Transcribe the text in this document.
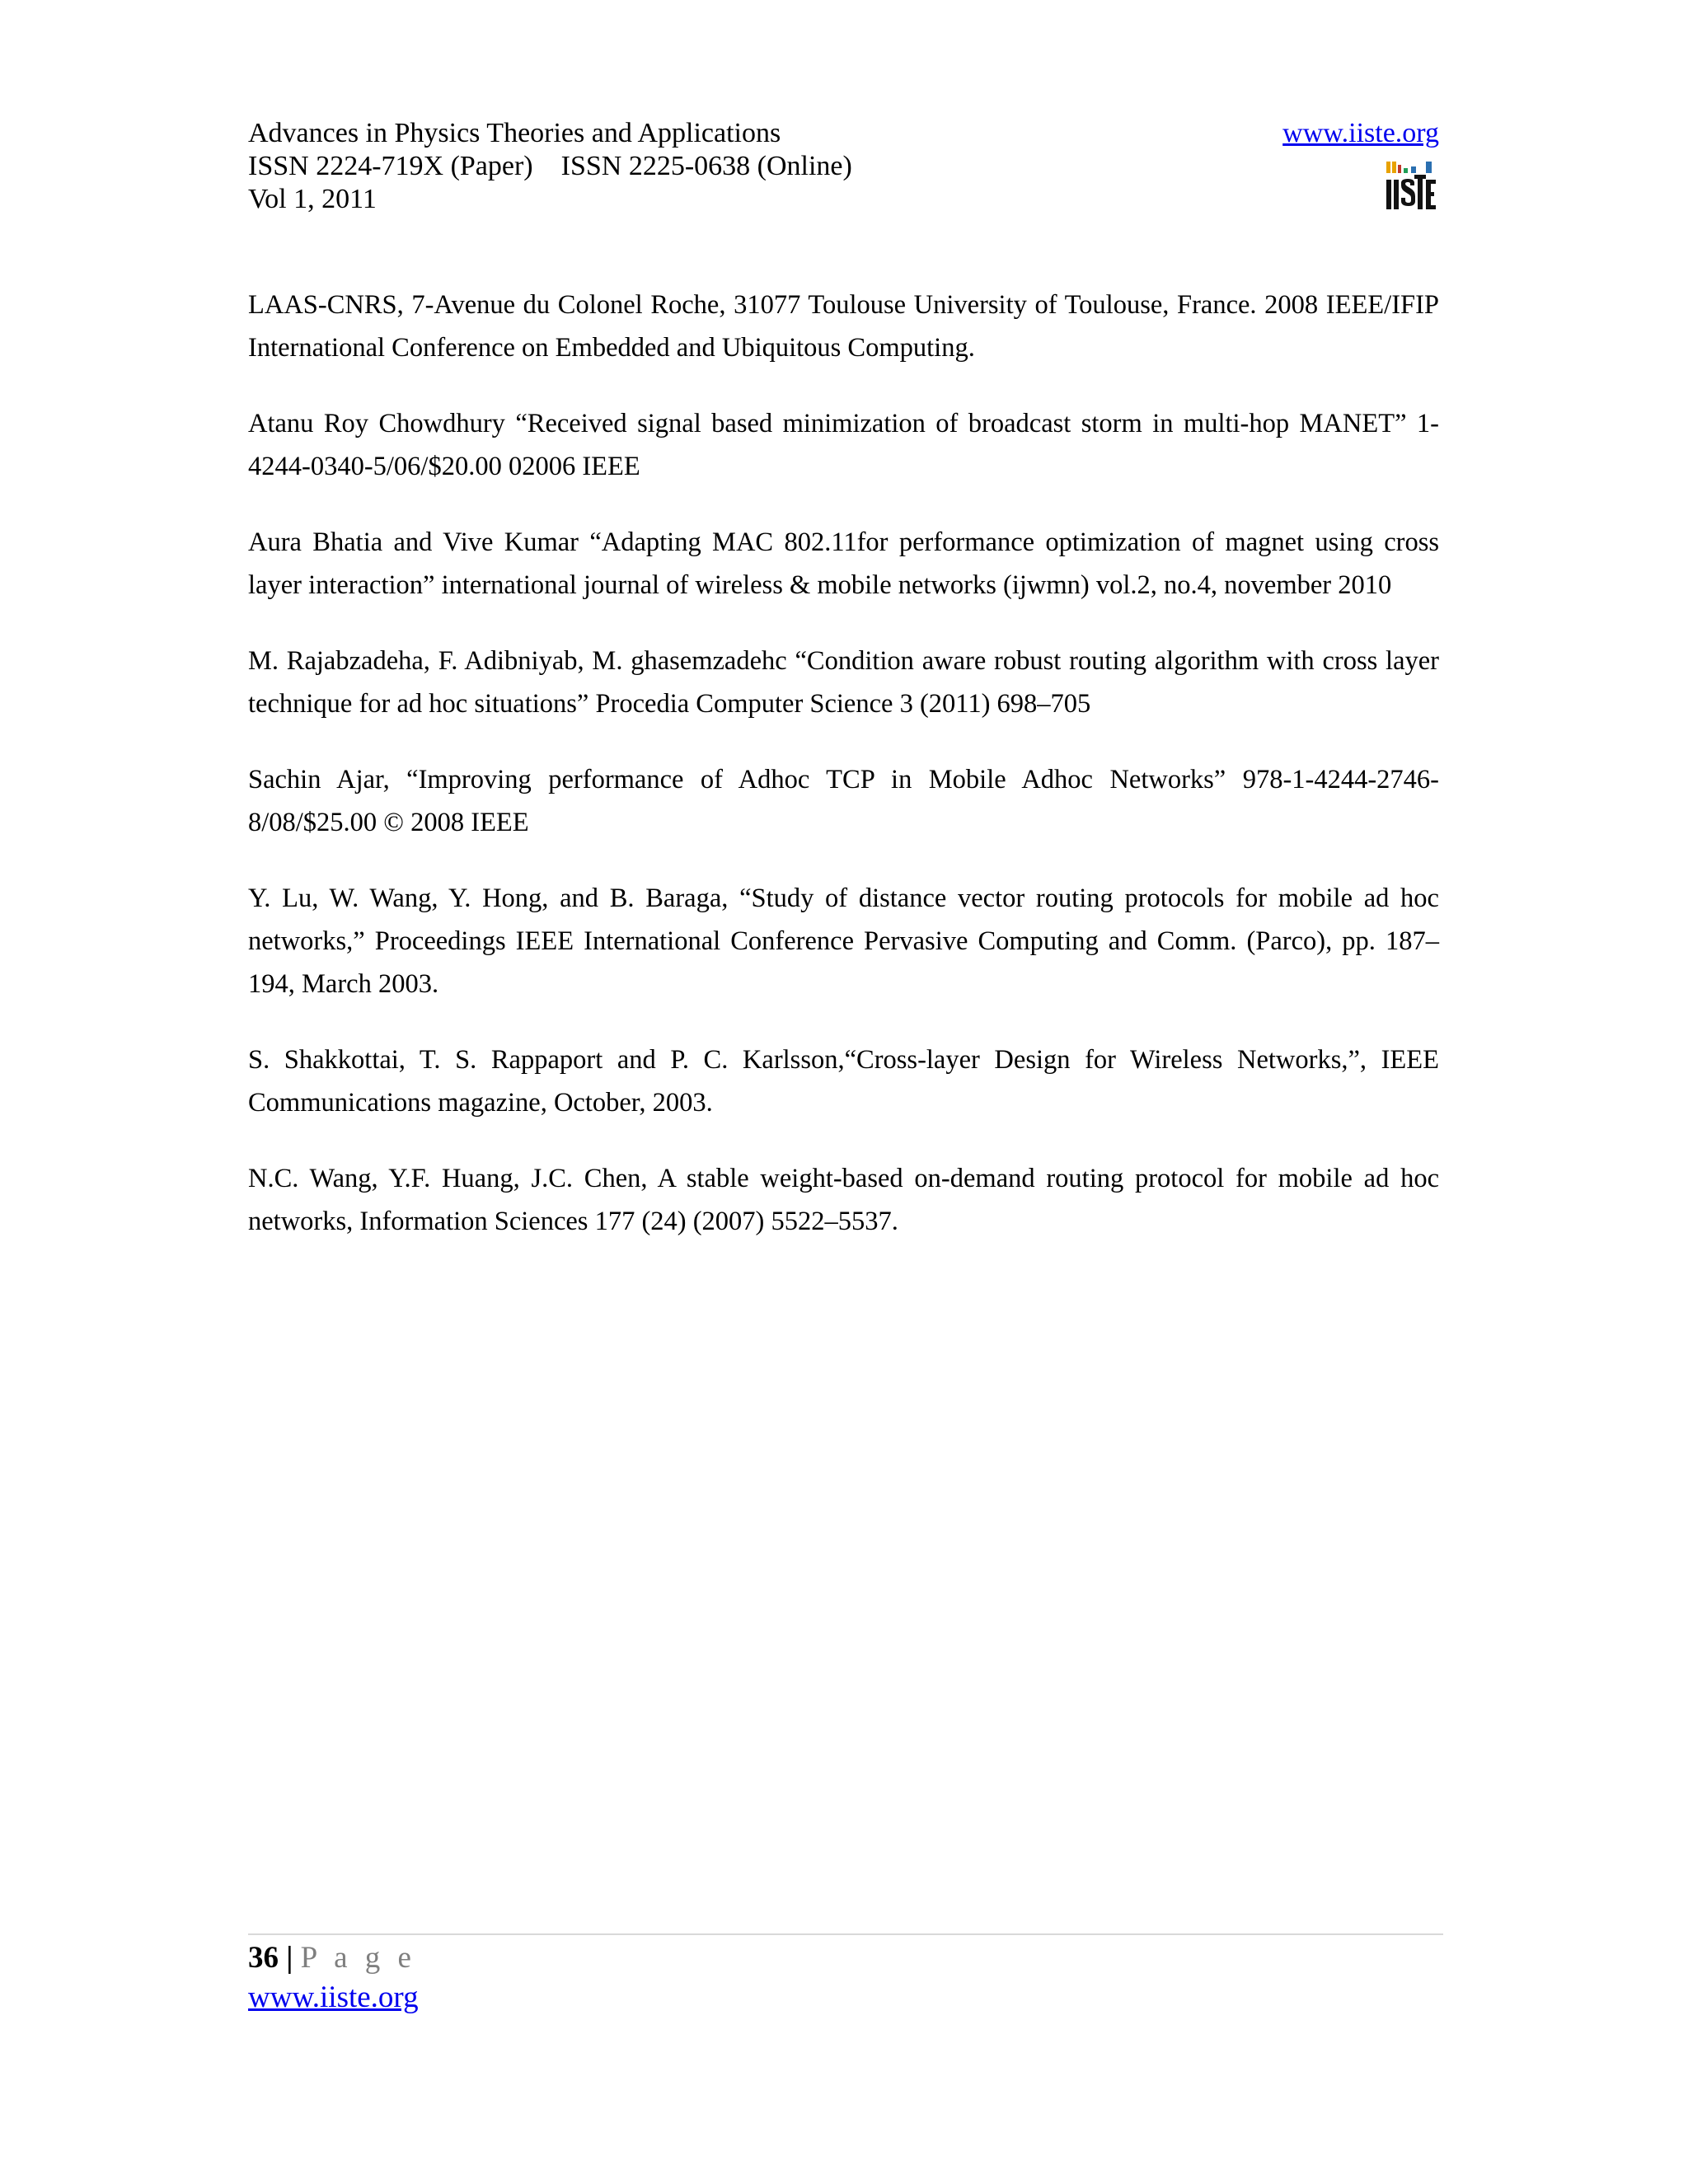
Advances in Physics Theories and Applications
ISSN 2224-719X (Paper)    ISSN 2225-0638 (Online)
Vol 1, 2011
www.iiste.org

LAAS-CNRS, 7-Avenue du Colonel Roche, 31077 Toulouse University of Toulouse, France. 2008 IEEE/IFIP International Conference on Embedded and Ubiquitous Computing.

Atanu Roy Chowdhury “Received signal based minimization of broadcast storm in multi-hop MANET” 1-4244-0340-5/06/$20.00 02006 IEEE

Aura Bhatia and Vive Kumar “Adapting MAC 802.11for performance optimization of magnet using cross layer interaction” international journal of wireless & mobile networks (ijwmn) vol.2, no.4, november 2010

M. Rajabzadeha, F. Adibniyab, M. ghasemzadehc “Condition aware robust routing algorithm with cross layer technique for ad hoc situations” Procedia Computer Science 3 (2011) 698–705

Sachin Ajar, “Improving performance of Adhoc TCP in Mobile Adhoc Networks” 978-1-4244-2746-8/08/$25.00 © 2008 IEEE

Y. Lu, W. Wang, Y. Hong, and B. Baraga, “Study of distance vector routing protocols for mobile ad hoc networks,” Proceedings IEEE International Conference Pervasive Computing and Comm. (Parco), pp. 187–194, March 2003.

S. Shakkottai, T. S. Rappaport and P. C. Karlsson,“Cross-layer Design for Wireless Networks,”, IEEE Communications magazine, October, 2003.

N.C. Wang, Y.F. Huang, J.C. Chen, A stable weight-based on-demand routing protocol for mobile ad hoc networks, Information Sciences 177 (24) (2007) 5522–5537.

36 | P a g e
www.iiste.org
